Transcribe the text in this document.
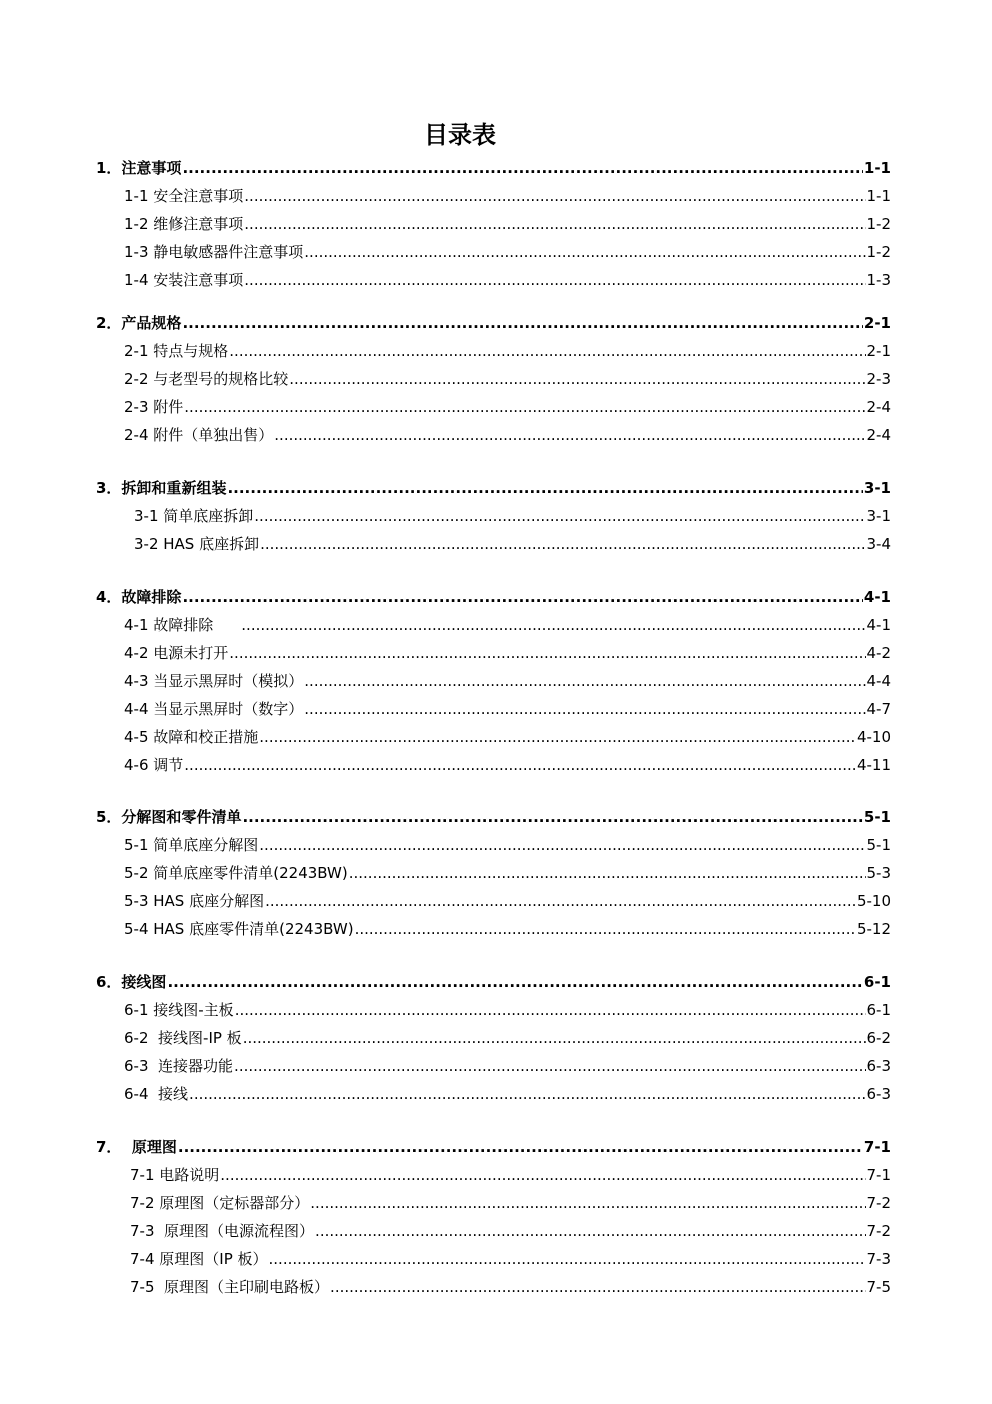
目录表
1．注意事项 .....	1-1
1-1 安全注意事项 .....	1-1
1-2 维修注意事项 .....	1-2
1-3 静电敏感器件注意事项 .....	1-2
1-4 安装注意事项 .....	1-3
2．产品规格 .....	2-1
2-1 特点与规格 .....	2-1
2-2 与老型号的规格比较 .....	2-3
2-3 附件 .....	2-4
2-4 附件（单独出售） .....	2-4
3．拆卸和重新组装 .....	3-1
3-1 简单底座拆卸 .....	3-1
3-2 HAS 底座拆卸 .....	3-4
4．故障排除 .....	4-1
4-1 故障排除 .....	4-1
4-2 电源未打开 .....	4-2
4-3 当显示黑屏时（模拟） .....	4-4
4-4 当显示黑屏时（数字） .....	4-7
4-5 故障和校正措施 .....	4-10
4-6 调节 .....	4-11
5．分解图和零件清单 .....	5-1
5-1 简单底座分解图 .....	5-1
5-2 简单底座零件清单(2243BW) .....	5-3
5-3 HAS 底座分解图 .....	5-10
5-4 HAS 底座零件清单(2243BW) .....	5-12
6．接线图 .....	6-1
6-1 接线图-主板 .....	6-1
6-2  接线图-IP 板 .....	6-2
6-3  连接器功能 .....	6-3
6-4  接线 .....	6-3
7．  原理图 .....	7-1
7-1 电路说明 .....	7-1
7-2 原理图（定标器部分） .....	7-2
7-3  原理图（电源流程图） .....	7-2
7-4 原理图（IP 板） .....	7-3
7-5  原理图（主印刷电路板） .....	7-5
